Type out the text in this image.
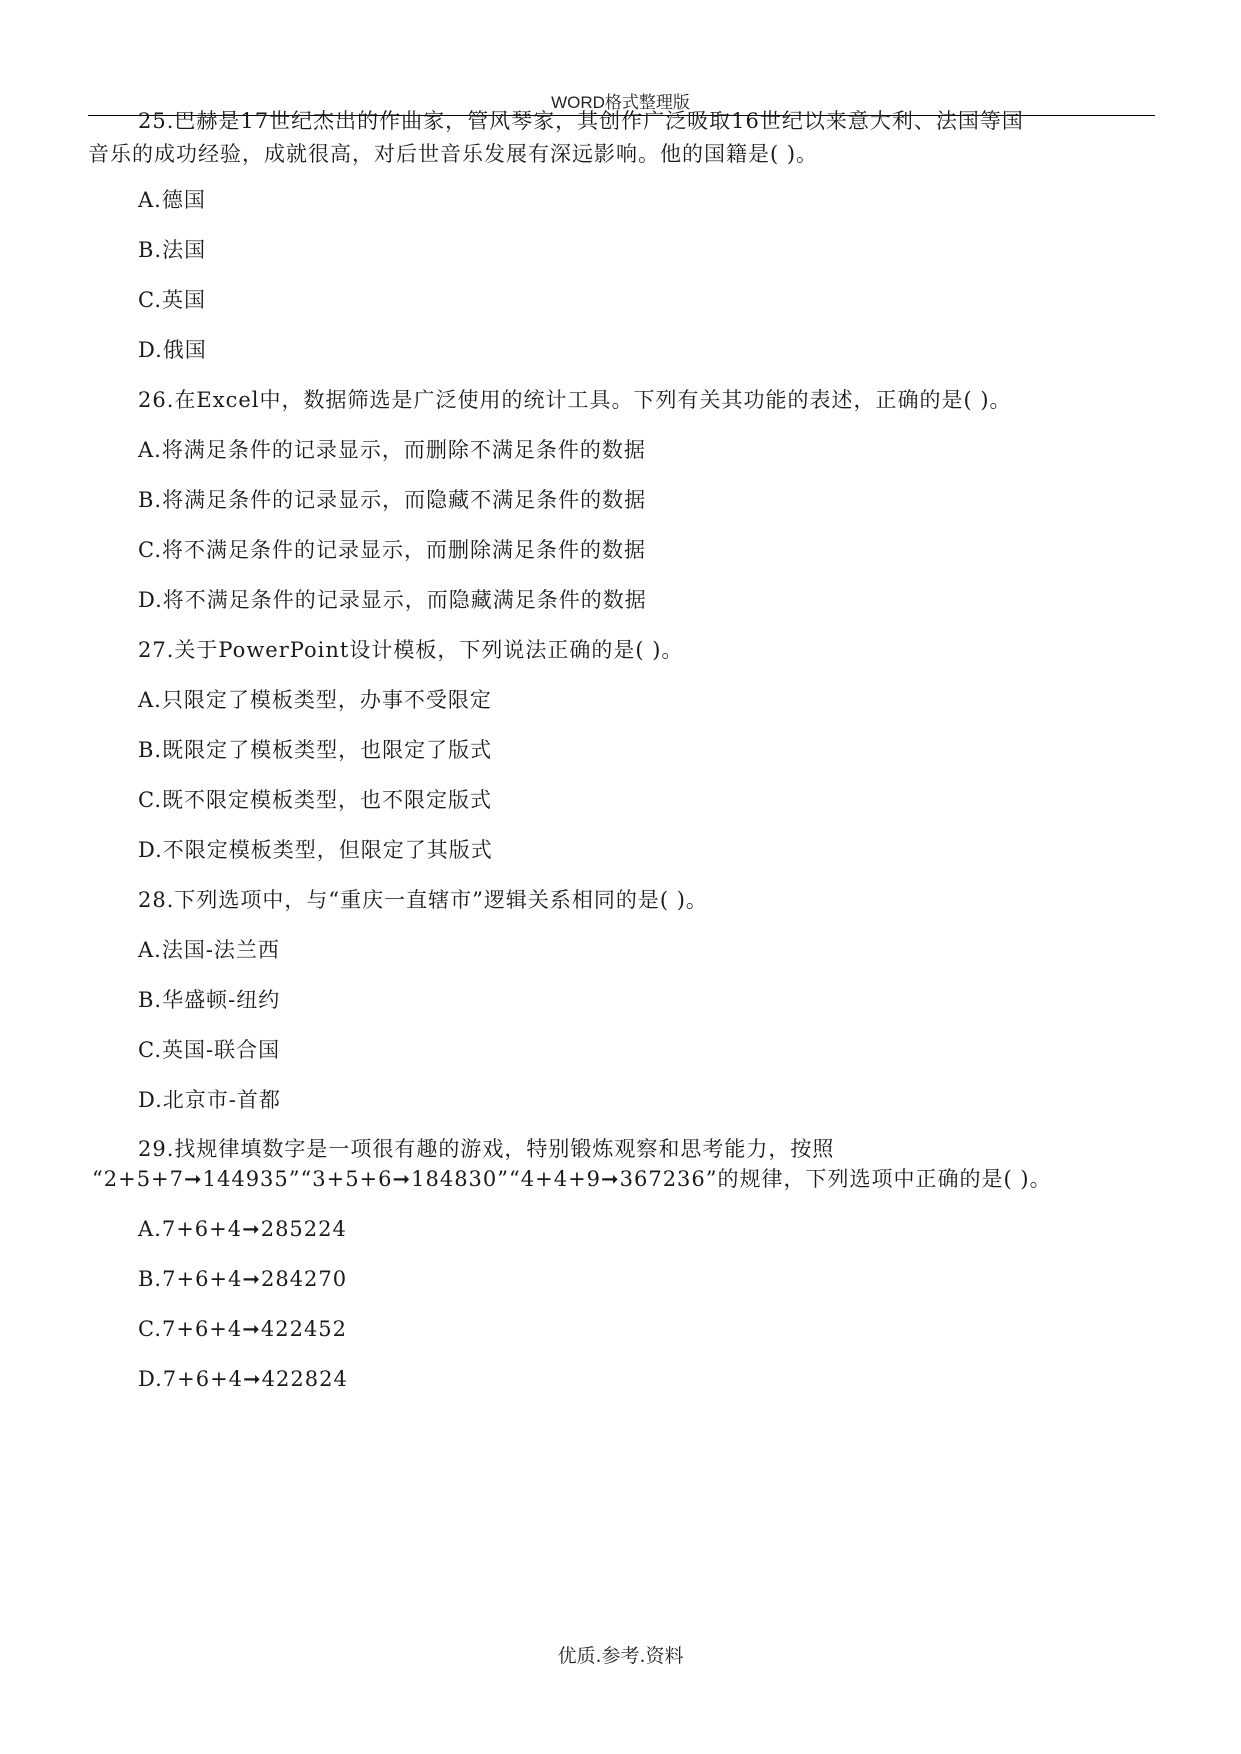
WORD格式整理版
25.巴赫是17世纪杰出的作曲家，管风琴家，其创作广泛吸取16世纪以来意大利、法国等国
音乐的成功经验，成就很高，对后世音乐发展有深远影响。他的国籍是( )。
A.德国
B.法国
C.英国
D.俄国
26.在Excel中，数据筛选是广泛使用的统计工具。下列有关其功能的表述，正确的是( )。
A.将满足条件的记录显示，而删除不满足条件的数据
B.将满足条件的记录显示，而隐藏不满足条件的数据
C.将不满足条件的记录显示，而删除满足条件的数据
D.将不满足条件的记录显示，而隐藏满足条件的数据
27.关于PowerPoint设计模板，下列说法正确的是( )。
A.只限定了模板类型，办事不受限定
B.既限定了模板类型，也限定了版式
C.既不限定模板类型，也不限定版式
D.不限定模板类型，但限定了其版式
28.下列选项中，与“重庆一直辖市”逻辑关系相同的是( )。
A.法国-法兰西
B.华盛顿-纽约
C.英国-联合国
D.北京市-首都
29.找规律填数字是一项很有趣的游戏，特别锻炼观察和思考能力，按照
“2+5+7➞144935”“3+5+6➞184830”“4+4+9➞367236”的规律，下列选项中正确的是( )。
A.7+6+4➞285224
B.7+6+4➞284270
C.7+6+4➞422452
D.7+6+4➞422824
优质.参考.资料
